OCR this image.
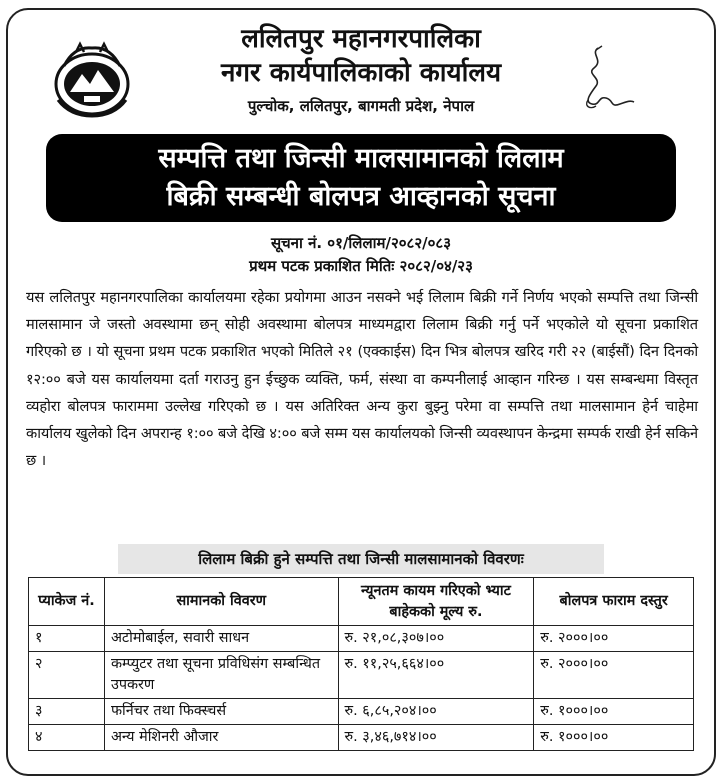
ललितपुर महानगरपालिका
नगर कार्यपालिकाको कार्यालय
पुल्चोक, ललितपुर, बागमती प्रदेश, नेपाल
सम्पत्ति तथा जिन्सी मालसामानको लिलाम
बिक्री सम्बन्धी बोलपत्र आव्हानको सूचना
सूचना नं. ०१/लिलाम/२०८२/०८३
प्रथम पटक प्रकाशित मितिः २०८२/०४/२३
यस ललितपुर महानगरपालिका कार्यालयमा रहेका प्रयोगमा आउन नसक्ने भई लिलाम बिक्री गर्ने निर्णय भएको सम्पत्ति तथा जिन्सी मालसामान जे जस्तो अवस्थामा छन् सोही अवस्थामा बोलपत्र माध्यमद्वारा लिलाम बिक्री गर्नु पर्ने भएकोले यो सूचना प्रकाशित गरिएको छ । यो सूचना प्रथम पटक प्रकाशित भएको मितिले २१ (एक्काईस) दिन भित्र बोलपत्र खरिद गरी २२ (बाईसौं) दिन दिनको १२:०० बजे यस कार्यालयमा दर्ता गराउनु हुन ईच्छुक व्यक्ति, फर्म, संस्था वा कम्पनीलाई आव्हान गरिन्छ । यस सम्बन्धमा विस्तृत व्यहोरा बोलपत्र फाराममा उल्लेख गरिएको छ । यस अतिरिक्त अन्य कुरा बुझ्नु परेमा वा सम्पत्ति तथा मालसामान हेर्न चाहेमा कार्यालय खुलेको दिन अपरान्ह १:०० बजे देखि ४:०० बजे सम्म यस कार्यालयको जिन्सी व्यवस्थापन केन्द्रमा सम्पर्क राखी हेर्न सकिने छ ।
लिलाम बिक्री हुने सम्पत्ति तथा जिन्सी मालसामानको विवरणः
प्याकेज नं.	सामानको विवरण	न्यूनतम कायम गरिएको भ्याट बाहेकको मूल्य रु.	बोलपत्र फाराम दस्तुर
१	अटोमोबाईल, सवारी साधन	रु. २१,०८,३०७।००	रु. २०००।००
२	कम्प्युटर तथा सूचना प्रविधिसंग सम्बन्धित उपकरण	रु. ११,२५,६६४।००	रु. २०००।००
३	फर्निचर तथा फिक्स्चर्स	रु. ६,८५,२०४।००	रु. १०००।००
४	अन्य मेशिनरी औजार	रु. ३,४६,७१४।००	रु. १०००।००
